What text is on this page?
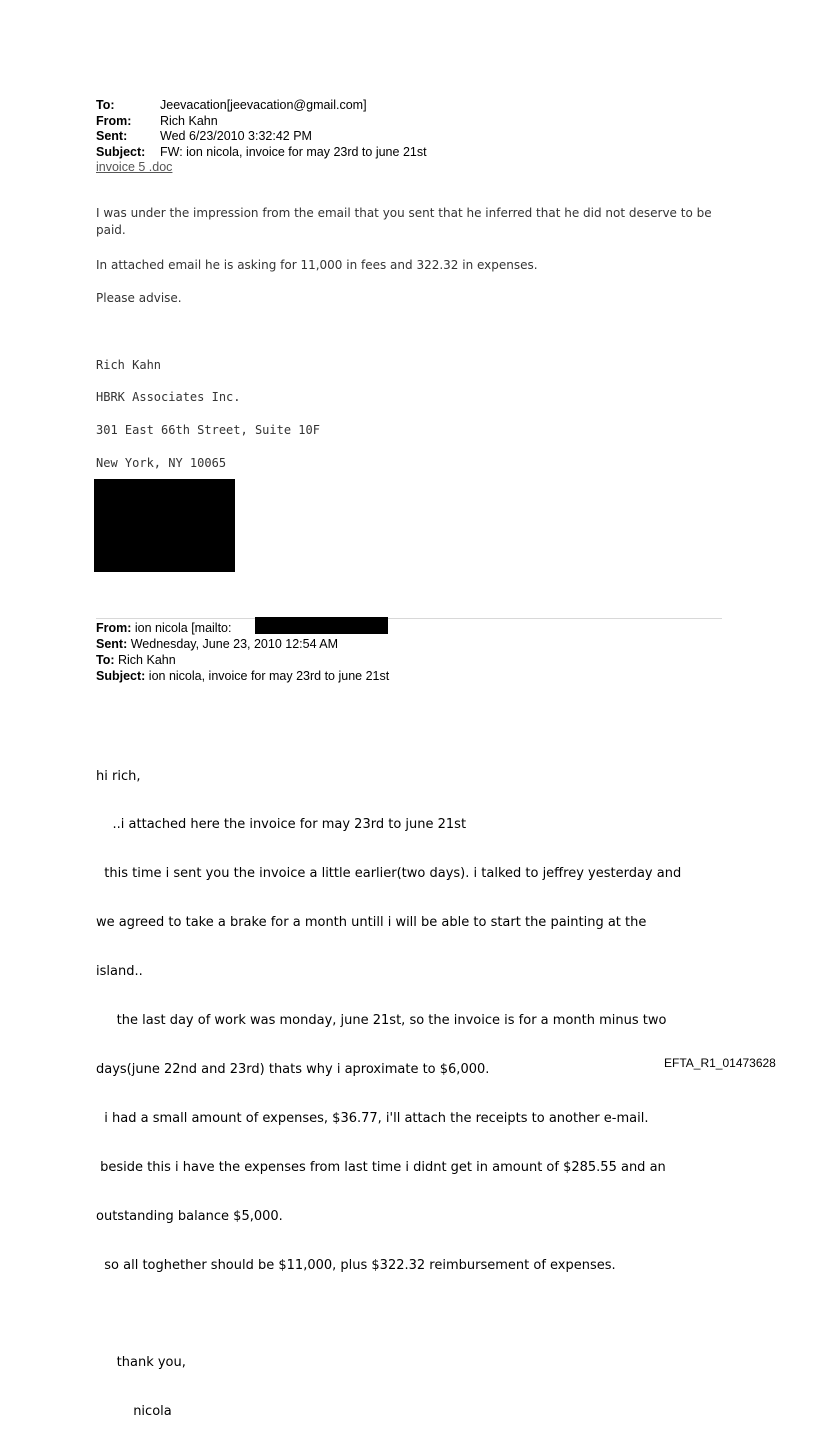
To:	Jeevacation[jeevacation@gmail.com]
From:	Rich Kahn
Sent:	Wed 6/23/2010 3:32:42 PM
Subject:	FW: ion nicola, invoice for may 23rd to june 21st
invoice 5 .doc
I was under the impression from the email that you sent that he inferred that he did not deserve to be paid.
In attached email he is asking for 11,000 in fees and 322.32 in expenses.
Please advise.
Rich Kahn
HBRK Associates Inc.
301 East 66th Street, Suite 10F
New York, NY 10065
From: ion nicola [mailto:
Sent: Wednesday, June 23, 2010 12:54 AM
To: Rich Kahn
Subject: ion nicola, invoice for may 23rd to june 21st

hi rich,

..i attached here the invoice for may 23rd to june 21st

this time i sent you the invoice a little earlier(two days). i talked to jeffrey yesterday and

we agreed to take a brake for a month untill i will be able to start the painting at the

island..

the last day of work was monday, june 21st, so the invoice is for a month minus two

days(june 22nd and 23rd) thats why i aproximate to $6,000.

i had a small amount of expenses, $36.77, i'll attach the receipts to another e-mail.

beside this i have the expenses from last time i didnt get in amount of $285.55 and an

outstanding balance $5,000.

so all toghether should be $11,000, plus $322.32 reimbursement of expenses.

thank you,

nicola

EFTA_R1_01473628
